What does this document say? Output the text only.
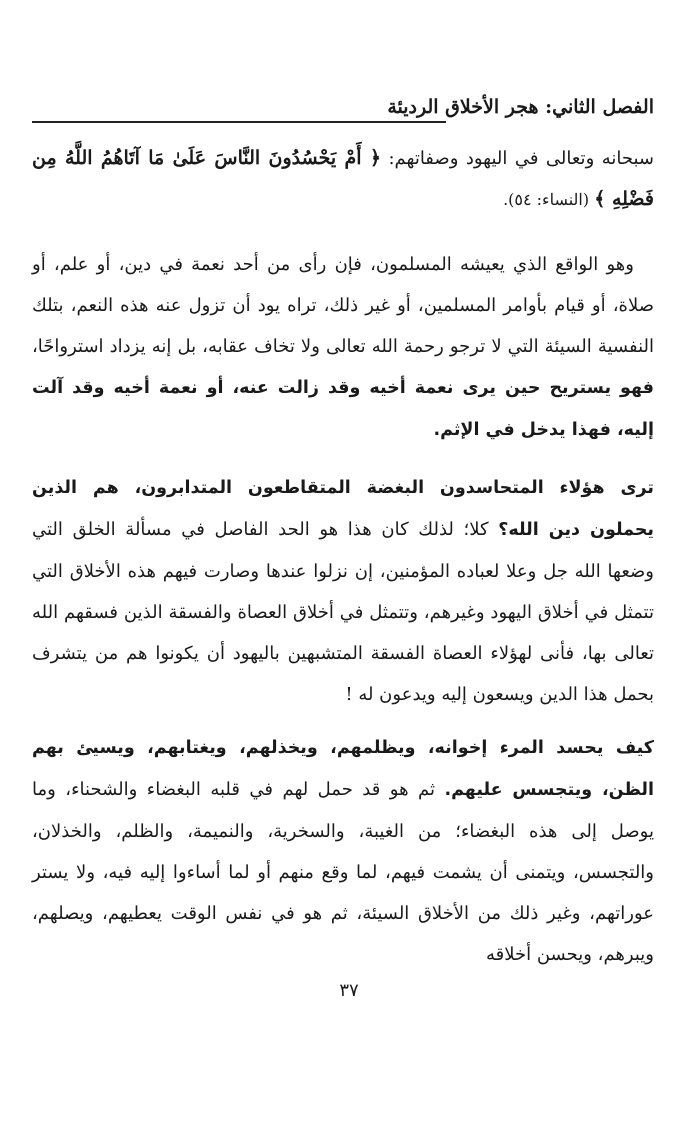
الفصل الثاني: هجر الأخلاق الرديئة

سبحانه وتعالى في اليهود وصفاتهم: ﴿ أَمْ يَحْسُدُونَ النَّاسَ عَلَىٰ مَا آتَاهُمُ اللَّهُ مِن فَضْلِهِ ﴾ (النساء: ٥٤).

وهو الواقع الذي يعيشه المسلمون، فإن رأى من أحد نعمة في دين، أو علم، أو صلاة، أو قيام بأوامر المسلمين، أو غير ذلك، تراه يود أن تزول عنه هذه النعم، بتلك النفسية السيئة التي لا ترجو رحمة الله تعالى ولا تخاف عقابه، بل إنه يزداد استرواحًا، فهو يستريح حين يرى نعمة أخيه وقد زالت عنه، أو نعمة أخيه وقد آلت إليه، فهذا يدخل في الإثم.

ترى هؤلاء المتحاسدون البغضة المتقاطعون المتدابرون، هم الذين يحملون دين الله؟ كلا؛ لذلك كان هذا هو الحد الفاصل في مسألة الخلق التي وضعها الله جل وعلا لعباده المؤمنين، إن نزلوا عندها وصارت فيهم هذه الأخلاق التي تتمثل في أخلاق اليهود وغيرهم، وتتمثل في أخلاق العصاة والفسقة الذين فسقهم الله تعالى بها، فأنى لهؤلاء العصاة الفسقة المتشبهين باليهود أن يكونوا هم من يتشرف بحمل هذا الدين ويسعون إليه ويدعون له !

كيف يحسد المرء إخوانه، ويظلمهم، ويخذلهم، ويغتابهم، ويسيئ بهم الظن، ويتجسس عليهم. ثم هو قد حمل لهم في قلبه البغضاء والشحناء، وما يوصل إلى هذه البغضاء؛ من الغيبة، والسخرية، والنميمة، والظلم، والخذلان، والتجسس، ويتمنى أن يشمت فيهم، لما وقع منهم أو لما أساءوا إليه فيه، ولا يستر عوراتهم، وغير ذلك من الأخلاق السيئة، ثم هو في نفس الوقت يعطيهم، ويصلهم، ويبرهم، ويحسن أخلاقه

٣٧
